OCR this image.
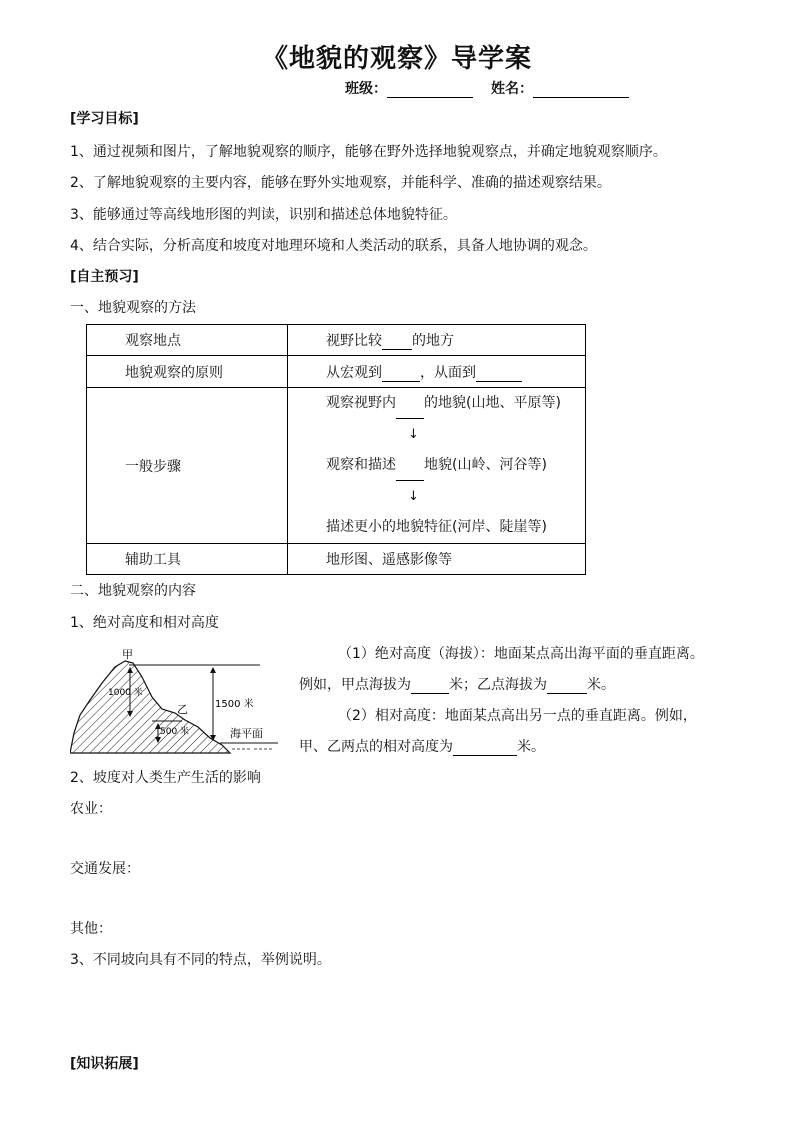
《地貌的观察》导学案
班级：	姓名：
[学习目标]
1、通过视频和图片，了解地貌观察的顺序，能够在野外选择地貌观察点，并确定地貌观察顺序。
2、了解地貌观察的主要内容，能够在野外实地观察，并能科学、准确的描述观察结果。
3、能够通过等高线地形图的判读，识别和描述总体地貌特征。
4、结合实际，分析高度和坡度对地理环境和人类活动的联系，具备人地协调的观念。
[自主预习]
一、地貌观察的方法
观察地点	视野比较 的地方
地貌观察的原则	从宏观到 ，从面到
一般步骤	观察视野内 的地貌(山地、平原等)
↓
观察和描述 地貌(山岭、河谷等)
↓
描述更小的地貌特征(河岸、陡崖等)

辅助工具	地形图、遥感影像等
二、地貌观察的内容
1、绝对高度和相对高度
甲
乙
1000 米
500 米
1500 米
海平面
（1）绝对高度（海拔）：地面某点高出海平面的垂直距离。
例如，甲点海拔为	米；乙点海拔为	米。
（2）相对高度：地面某点高出另一点的垂直距离。例如，
甲、乙两点的相对高度为	米。
2、坡度对人类生产生活的影响
农业：
交通发展：
其他：
3、不同坡向具有不同的特点，举例说明。
[知识拓展]
